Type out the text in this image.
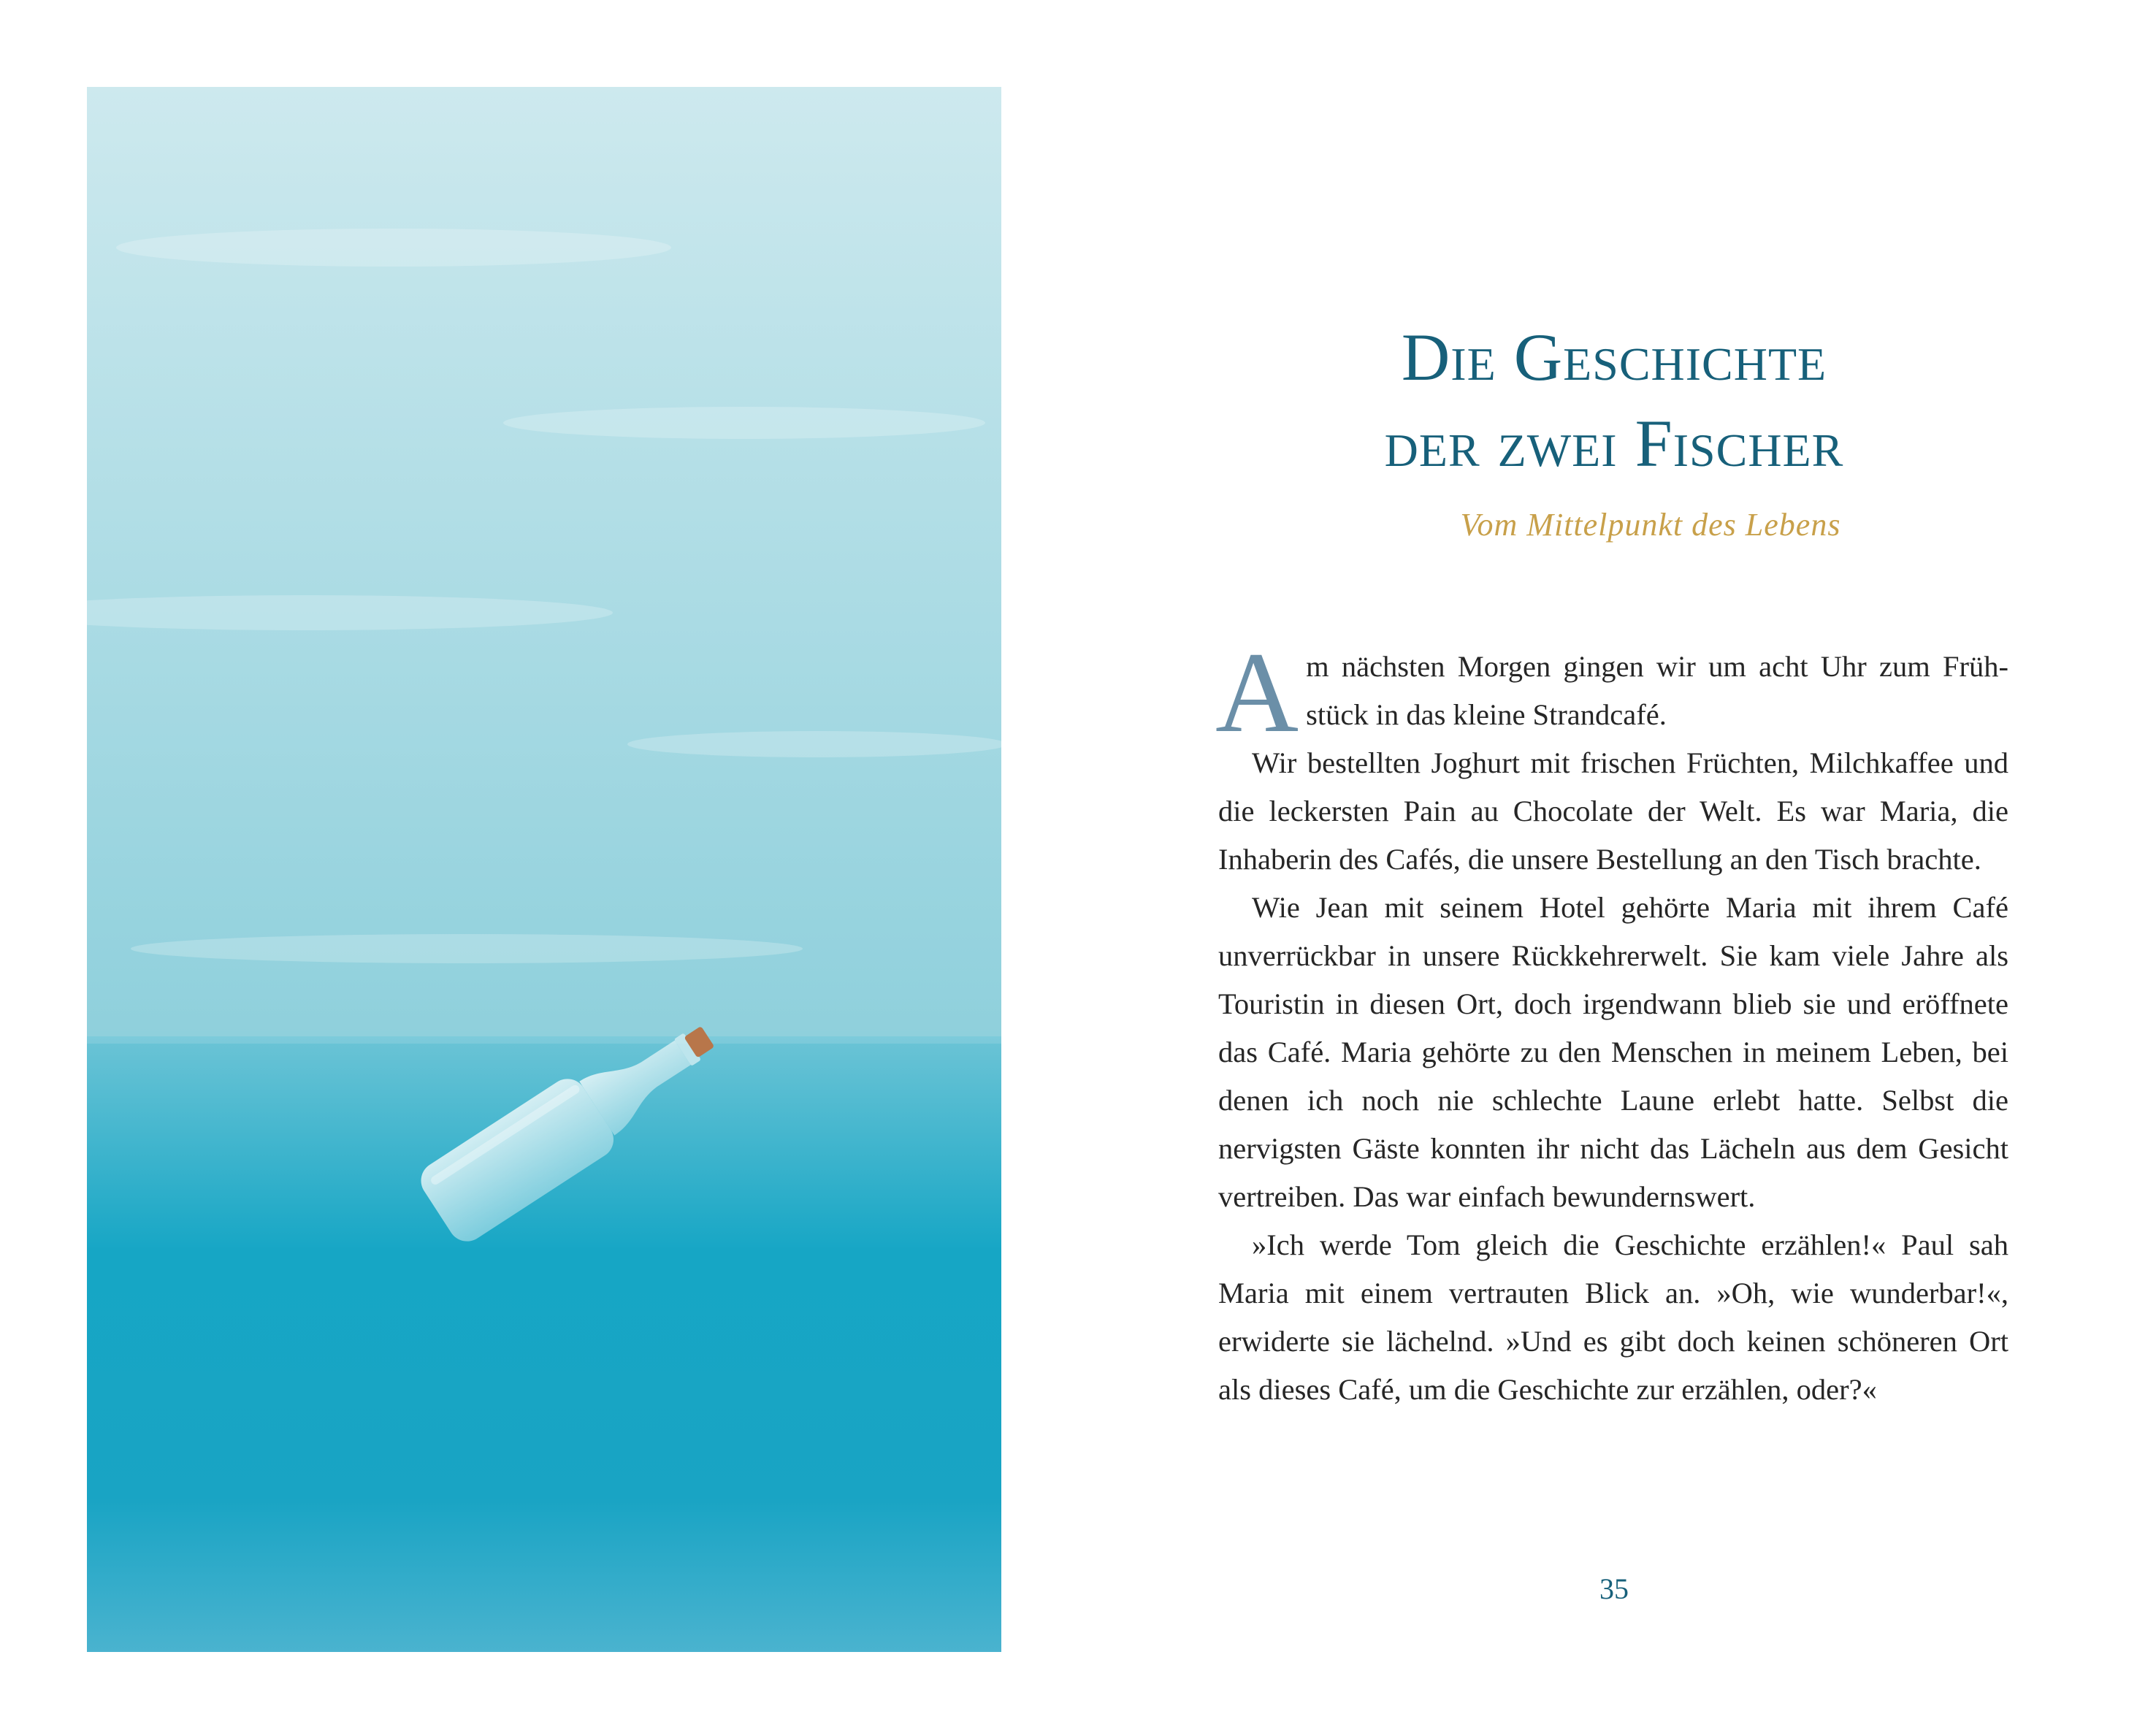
Die Geschichte
der zwei Fischer

Vom Mittelpunkt des Lebens

Am nächsten Morgen gingen wir um acht Uhr zum Frühstück in das kleine Strandcafé.

Wir bestellten Joghurt mit frischen Früchten, Milchkaffee und die leckersten Pain au Chocolate der Welt. Es war Maria, die Inhaberin des Cafés, die unsere Bestellung an den Tisch brachte.

Wie Jean mit seinem Hotel gehörte Maria mit ihrem Café unverrückbar in unsere Rückkehrerwelt. Sie kam viele Jahre als Touristin in diesen Ort, doch irgendwann blieb sie und eröffnete das Café. Maria gehörte zu den Menschen in meinem Leben, bei denen ich noch nie schlechte Laune erlebt hatte. Selbst die nervigsten Gäste konnten ihr nicht das Lächeln aus dem Gesicht vertreiben. Das war einfach bewundernswert.

»Ich werde Tom gleich die Geschichte erzählen!« Paul sah Maria mit einem vertrauten Blick an. »Oh, wie wunderbar!«, erwiderte sie lächelnd. »Und es gibt doch keinen schöneren Ort als dieses Café, um die Geschichte zur erzählen, oder?«

35
